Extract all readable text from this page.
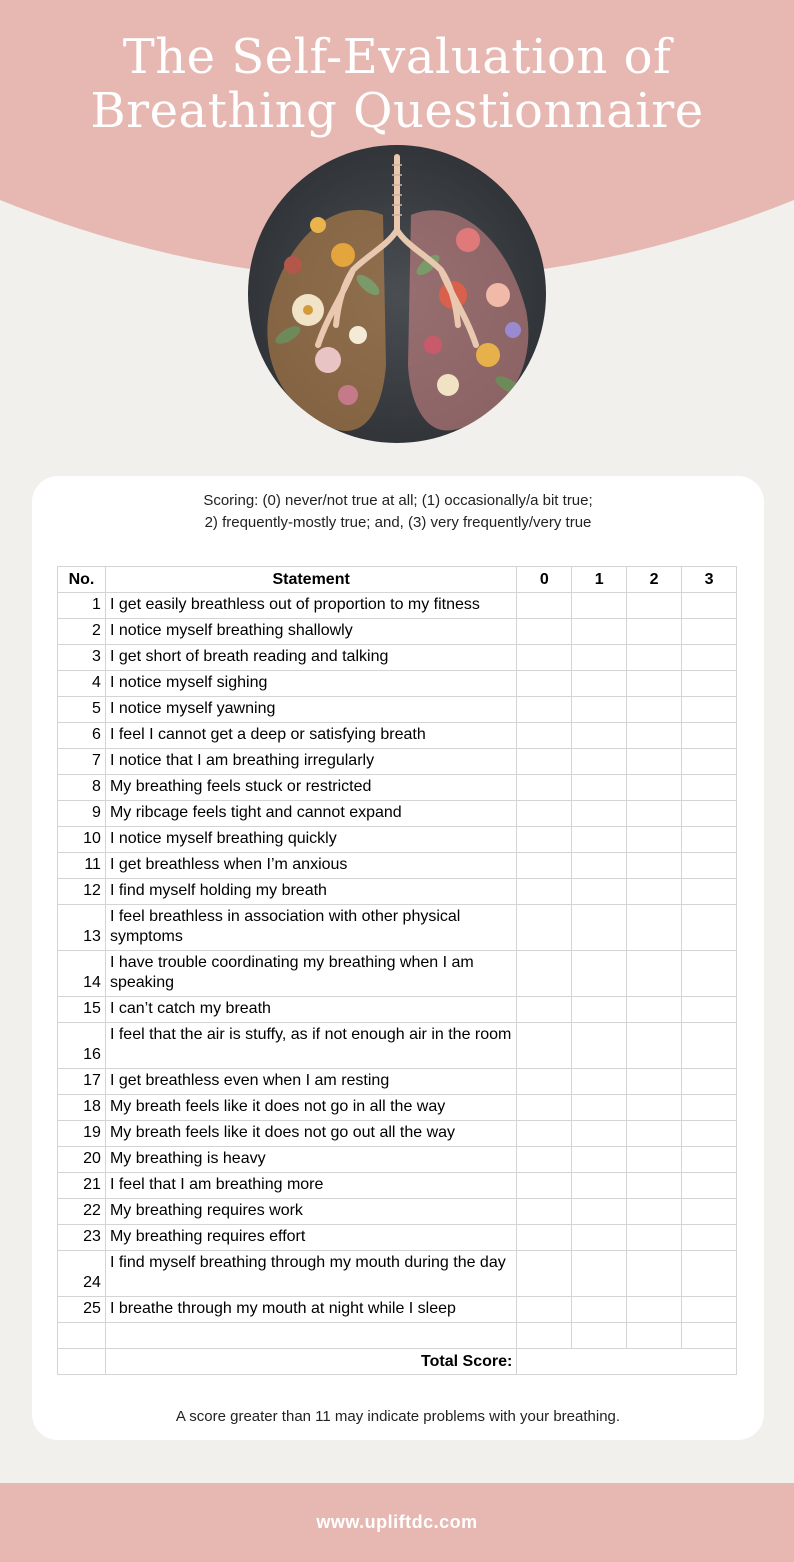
The Self-Evaluation of
Breathing Questionnaire
Scoring: (0) never/not true at all; (1) occasionally/a bit true;
2) frequently-mostly true; and, (3) very frequently/very true
No.	Statement	0	1	2	3
1	I get easily breathless out of proportion to my fitness				
2	I notice myself breathing shallowly				
3	I get short of breath reading and talking				
4	I notice myself sighing				
5	I notice myself yawning				
6	I feel I cannot get a deep or satisfying breath				
7	I notice that I am breathing irregularly				
8	My breathing feels stuck or restricted				
9	My ribcage feels tight and cannot expand				
10	I notice myself breathing quickly				
11	I get breathless when I’m anxious				
12	I find myself holding my breath				
13	I feel breathless in association with other physical symptoms				
14	I have trouble coordinating my breathing when I am speaking				
15	I can’t catch my breath				
16	I feel that the air is stuffy, as if not enough air in the room				
17	I get breathless even when I am resting				
18	My breath feels like it does not go in all the way				
19	My breath feels like it does not go out all the way				
20	My breathing is heavy				
21	I feel that I am breathing more				
22	My breathing requires work				
23	My breathing requires effort				
24	I find myself breathing through my mouth during the day				
25	I breathe through my mouth at night while I sleep				

	Total Score:				
A score greater than 11 may indicate problems with your breathing.
www.upliftdc.com
